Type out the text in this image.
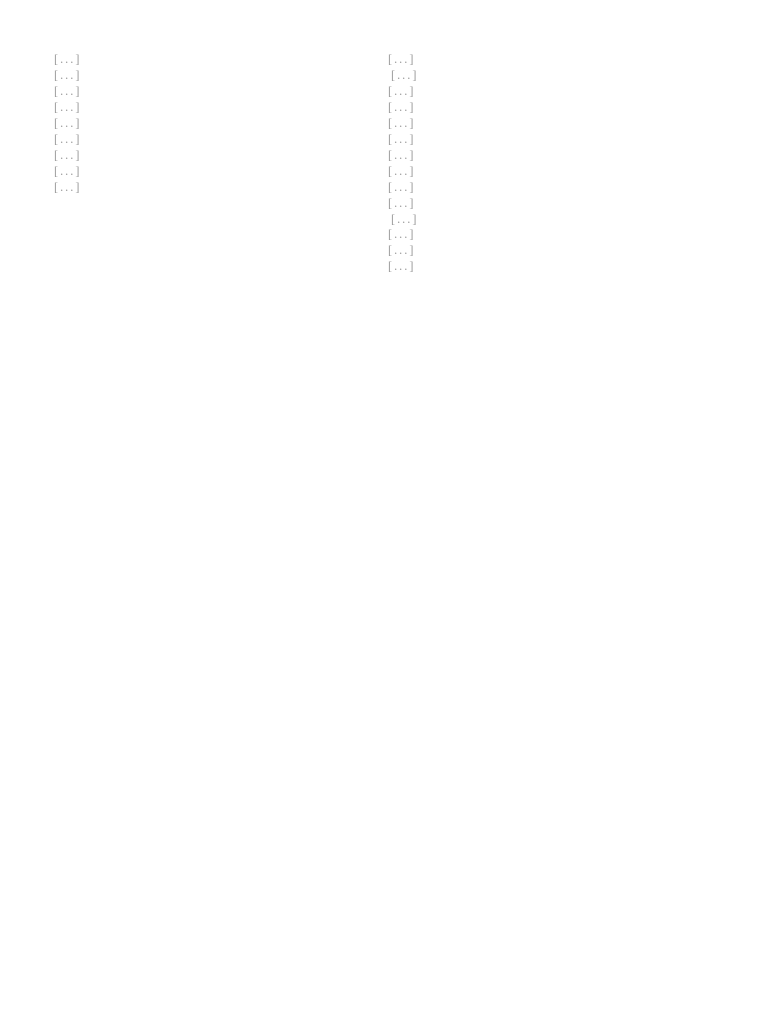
[...]

[...]

[...]

[...]

[...]

[...]

[...]

[...]

[...]

[...]

[...]

[...]

[...]

[...]

[...]

[...]

[...]

[...]

[...]

[...]

[...]

[...]

[...]
